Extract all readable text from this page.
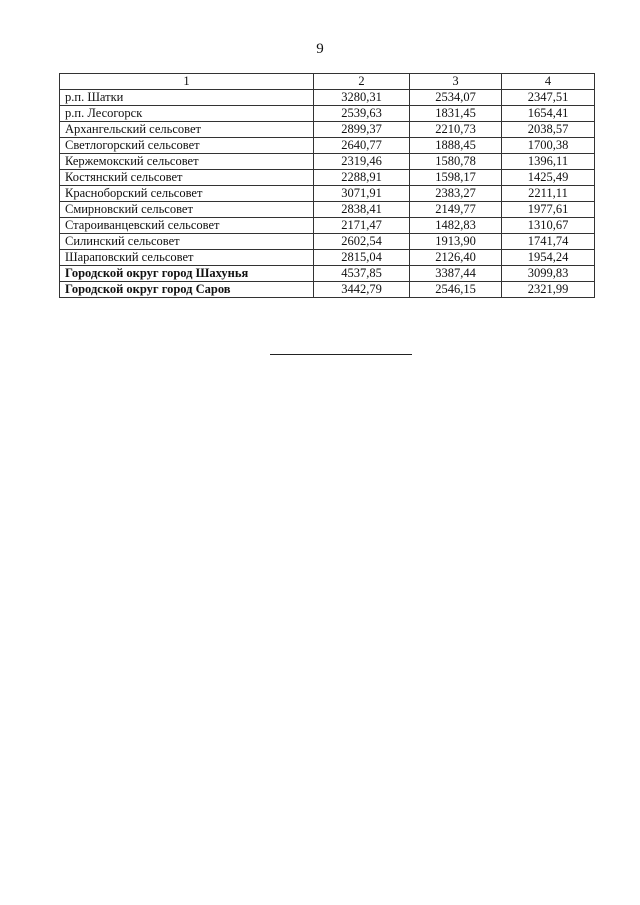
9
1	2	3	4
р.п. Шатки	3280,31	2534,07	2347,51
р.п. Лесогорск	2539,63	1831,45	1654,41
Архангельский сельсовет	2899,37	2210,73	2038,57
Светлогорский сельсовет	2640,77	1888,45	1700,38
Кержемокский сельсовет	2319,46	1580,78	1396,11
Костянский сельсовет	2288,91	1598,17	1425,49
Красноборский сельсовет	3071,91	2383,27	2211,11
Смирновский сельсовет	2838,41	2149,77	1977,61
Староиванцевский сельсовет	2171,47	1482,83	1310,67
Силинский сельсовет	2602,54	1913,90	1741,74
Шараповский сельсовет	2815,04	2126,40	1954,24
Городской округ город Шахунья	4537,85	3387,44	3099,83
Городской округ город Саров	3442,79	2546,15	2321,99
